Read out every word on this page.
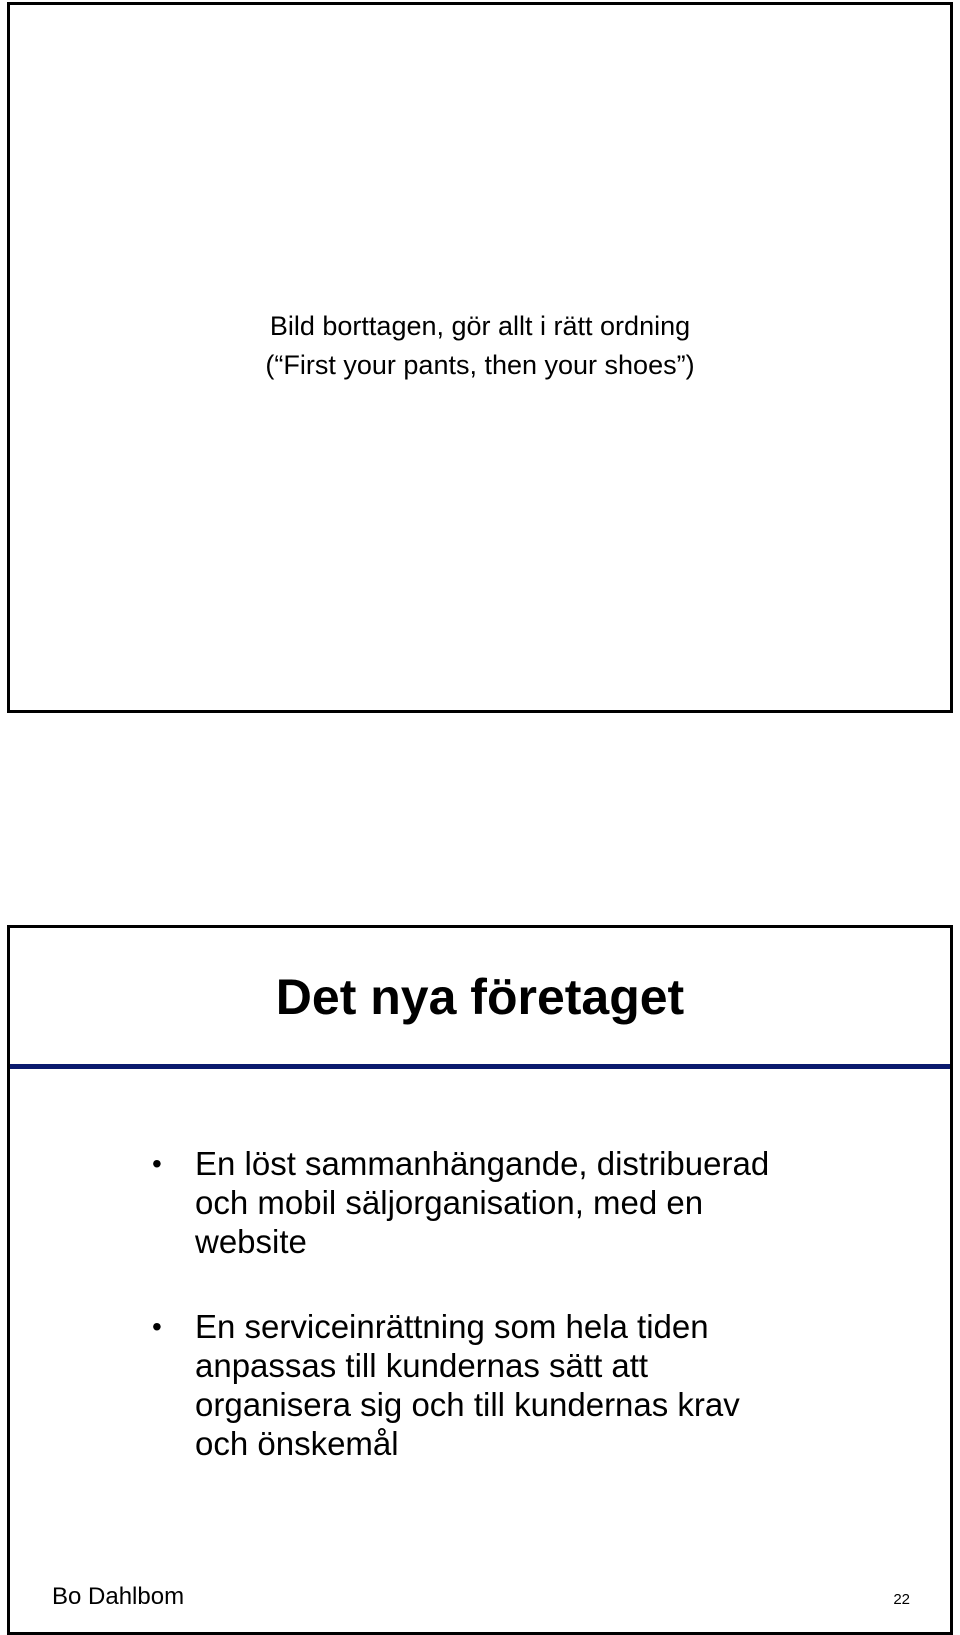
Bild borttagen, gör allt i rätt ordning
(“First your pants, then your shoes”)
Det nya företaget
• En löst sammanhängande, distribuerad
och mobil säljorganisation, med en
website
• En serviceinrättning som hela tiden
anpassas till kundernas sätt att
organisera sig och till kundernas krav
och önskemål
Bo Dahlbom	22
